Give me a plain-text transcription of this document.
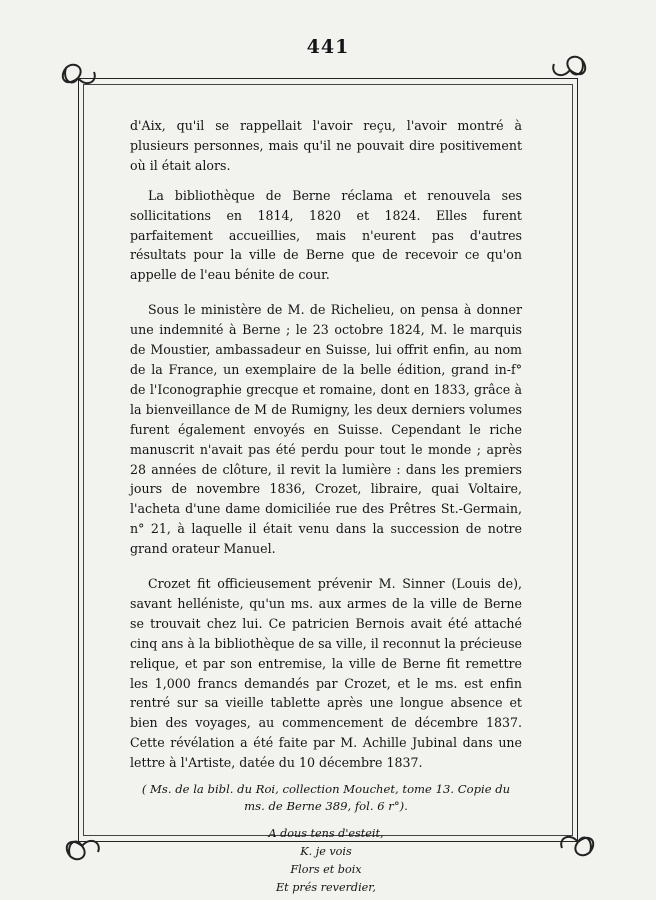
441

d'Aix, qu'il se rappellait l'avoir reçu, l'avoir montré à plusieurs personnes, mais qu'il ne pouvait dire positivement où il était alors.

La bibliothèque de Berne réclama et renouvela ses sollicitations en 1814, 1820 et 1824. Elles furent parfaitement accueillies, mais n'eurent pas d'autres résultats pour la ville de Berne que de recevoir ce qu'on appelle de l'eau bénite de cour.

Sous le ministère de M. de Richelieu, on pensa à donner une indemnité à Berne ; le 23 octobre 1824, M. le marquis de Moustier, ambassadeur en Suisse, lui offrit enfin, au nom de la France, un exemplaire de la belle édition, grand in-f° de l'Iconographie grecque et romaine, dont en 1833, grâce à la bienveillance de M de Rumigny, les deux derniers volumes furent également envoyés en Suisse. Cependant le riche manuscrit n'avait pas été perdu pour tout le monde ; après 28 années de clôture, il revit la lumière : dans les premiers jours de novembre 1836, Crozet, libraire, quai Voltaire, l'acheta d'une dame domiciliée rue des Prêtres St.-Germain, n° 21, à laquelle il était venu dans la succession de notre grand orateur Manuel.

Crozet fit officieusement prévenir M. Sinner (Louis de), savant helléniste, qu'un ms. aux armes de la ville de Berne se trouvait chez lui. Ce patricien Bernois avait été attaché cinq ans à la bibliothèque de sa ville, il reconnut la précieuse relique, et par son entremise, la ville de Berne fit remettre les 1,000 francs demandés par Crozet, et le ms. est enfin rentré sur sa vieille tablette après une longue absence et bien des voyages, au commencement de décembre 1837. Cette révélation a été faite par M. Achille Jubinal dans une lettre à l'Artiste, datée du 10 décembre 1837.

( Ms. de la bibl. du Roi, collection Mouchet, tome 13. Copie du ms. de Berne 389, fol. 6 r°).

A dous tens d'esteit,
K. je vois
Flors et boix
Et prés reverdier,
